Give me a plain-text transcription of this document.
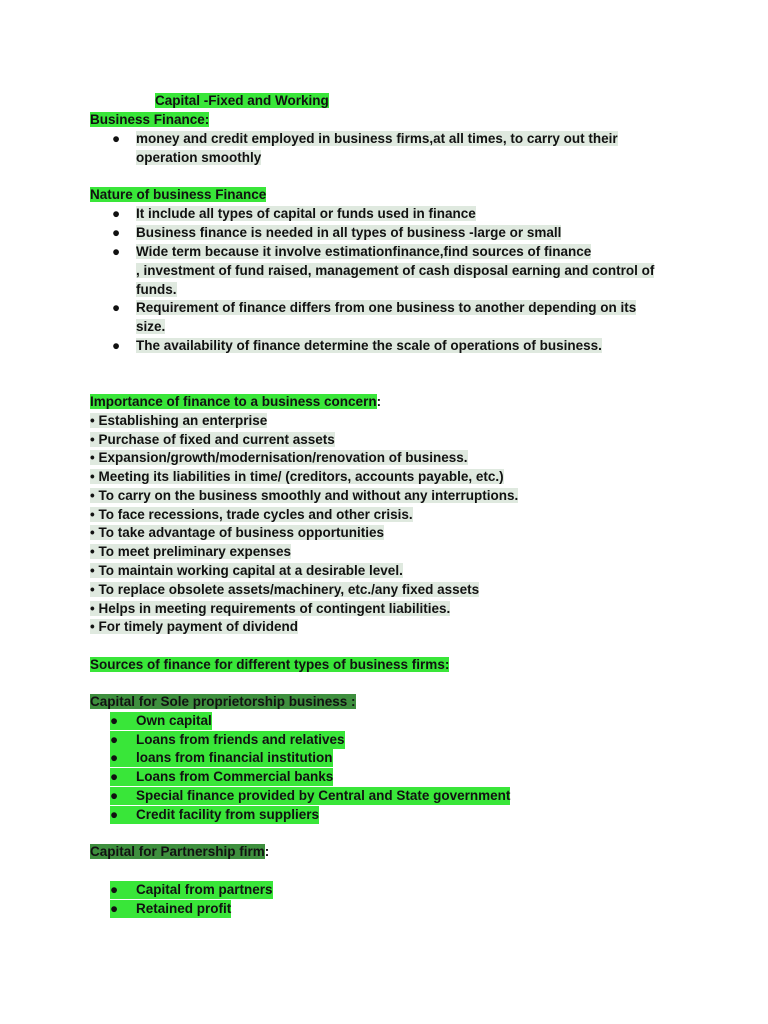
Capital -Fixed and Working
Business Finance:
● money and credit employed in business firms,at all times, to carry out their
operation smoothly
Nature of business Finance
● It include all types of capital or funds used in finance
● Business finance is needed in all types of business -large or small
● Wide term because it involve estimationfinance,find sources of finance
, investment of fund raised, management of cash disposal earning and control of
funds.
● Requirement of finance differs from one business to another depending on its
size.
● The availability of finance determine the scale of operations of business.
Importance of finance to a business concern:
• Establishing an enterprise
• Purchase of fixed and current assets
• Expansion/growth/modernisation/renovation of business.
• Meeting its liabilities in time/ (creditors, accounts payable, etc.)
• To carry on the business smoothly and without any interruptions.
• To face recessions, trade cycles and other crisis.
• To take advantage of business opportunities
• To meet preliminary expenses
• To maintain working capital at a desirable level.
• To replace obsolete assets/machinery, etc./any fixed assets
• Helps in meeting requirements of contingent liabilities.
• For timely payment of dividend
Sources of finance for different types of business firms:
Capital for Sole proprietorship business :
● Own capital
● Loans from friends and relatives
● loans from financial institution
● Loans from Commercial banks
● Special finance provided by Central and State government
● Credit facility from suppliers
Capital for Partnership firm:
● Capital from partners
● Retained profit
